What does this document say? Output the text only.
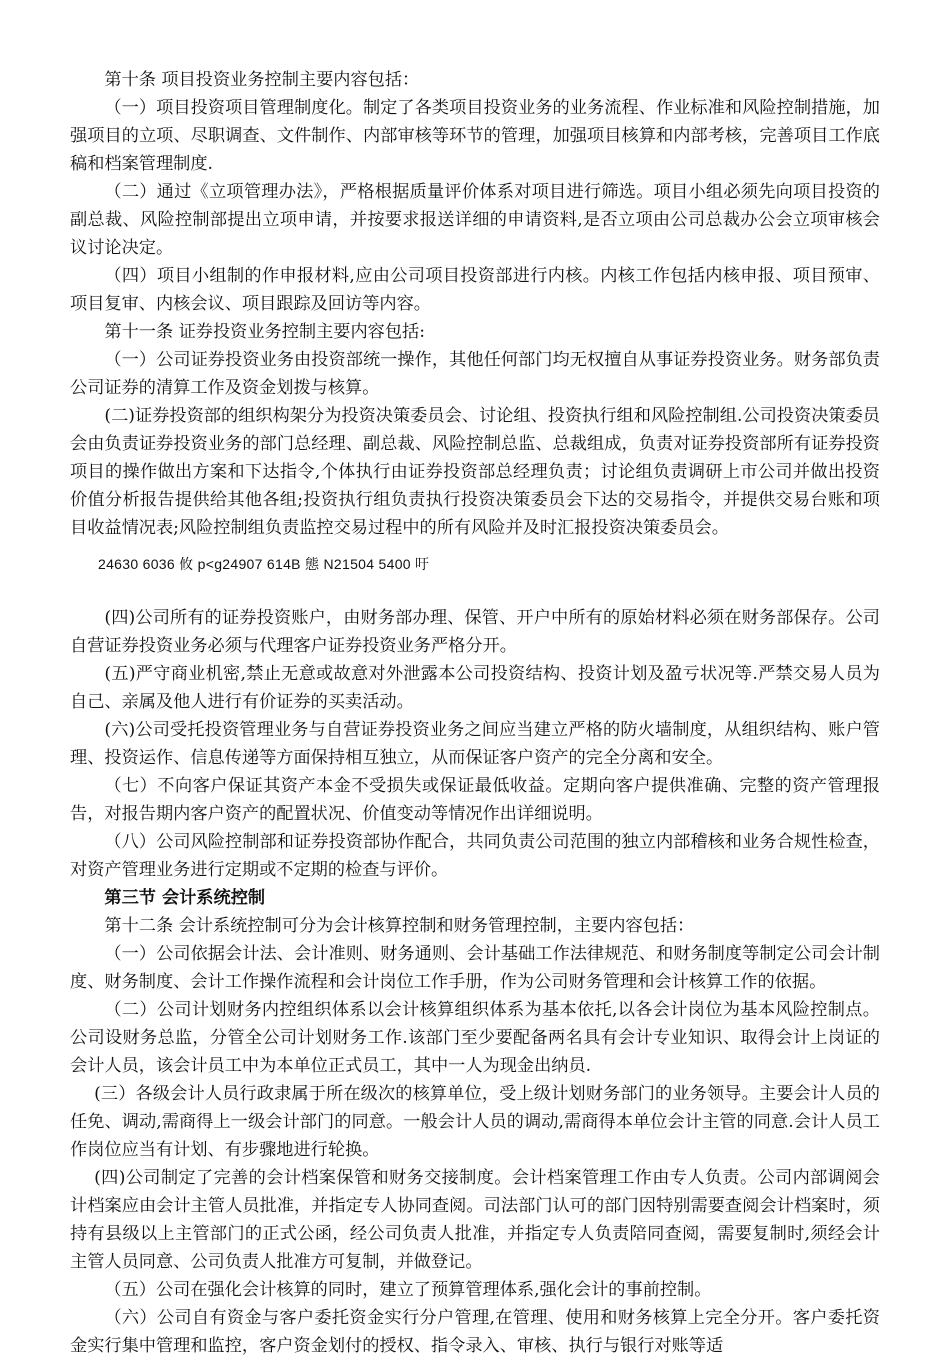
第十条 项目投资业务控制主要内容包括：

（一）项目投资项目管理制度化。制定了各类项目投资业务的业务流程、作业标准和风险控制措施，加强项目的立项、尽职调查、文件制作、内部审核等环节的管理，加强项目核算和内部考核，完善项目工作底稿和档案管理制度.

（二）通过《立项管理办法》，严格根据质量评价体系对项目进行筛选。项目小组必须先向项目投资的副总裁、风险控制部提出立项申请，并按要求报送详细的申请资料,是否立项由公司总裁办公会立项审核会议讨论决定。

（四）项目小组制的作申报材料,应由公司项目投资部进行内核。内核工作包括内核申报、项目预审、项目复审、内核会议、项目跟踪及回访等内容。

第十一条 证券投资业务控制主要内容包括:

（一）公司证券投资业务由投资部统一操作，其他任何部门均无权擅自从事证券投资业务。财务部负责公司证券的清算工作及资金划拨与核算。

(二)证券投资部的组织构架分为投资决策委员会、讨论组、投资执行组和风险控制组.公司投资决策委员会由负责证券投资业务的部门总经理、副总裁、风险控制总监、总裁组成，负责对证券投资部所有证券投资项目的操作做出方案和下达指令,个体执行由证券投资部总经理负责；讨论组负责调研上市公司并做出投资价值分析报告提供给其他各组;投资执行组负责执行投资决策委员会下达的交易指令，并提供交易台账和项目收益情况表;风险控制组负责监控交易过程中的所有风险并及时汇报投资决策委员会。

24630 6036 攸 p<g24907 614B 態 N21504 5400 吁

(四)公司所有的证券投资账户，由财务部办理、保管、开户中所有的原始材料必须在财务部保存。公司自营证券投资业务必须与代理客户证券投资业务严格分开。

(五)严守商业机密,禁止无意或故意对外泄露本公司投资结构、投资计划及盈亏状况等.严禁交易人员为自己、亲属及他人进行有价证券的买卖活动。

(六)公司受托投资管理业务与自营证券投资业务之间应当建立严格的防火墙制度，从组织结构、账户管理、投资运作、信息传递等方面保持相互独立，从而保证客户资产的完全分离和安全。

（七）不向客户保证其资产本金不受损失或保证最低收益。定期向客户提供准确、完整的资产管理报告，对报告期内客户资产的配置状况、价值变动等情况作出详细说明。

（八）公司风险控制部和证券投资部协作配合，共同负责公司范围的独立内部稽核和业务合规性检查，对资产管理业务进行定期或不定期的检查与评价。

第三节 会计系统控制

第十二条 会计系统控制可分为会计核算控制和财务管理控制，主要内容包括：

（一）公司依据会计法、会计准则、财务通则、会计基础工作法律规范、和财务制度等制定公司会计制度、财务制度、会计工作操作流程和会计岗位工作手册，作为公司财务管理和会计核算工作的依据。

（二）公司计划财务内控组织体系以会计核算组织体系为基本依托,以各会计岗位为基本风险控制点。公司设财务总监，分管全公司计划财务工作.该部门至少要配备两名具有会计专业知识、取得会计上岗证的会计人员，该会计员工中为本单位正式员工，其中一人为现金出纳员.

(三）各级会计人员行政隶属于所在级次的核算单位，受上级计划财务部门的业务领导。主要会计人员的任免、调动,需商得上一级会计部门的同意。一般会计人员的调动,需商得本单位会计主管的同意.会计人员工作岗位应当有计划、有步骤地进行轮换。

(四)公司制定了完善的会计档案保管和财务交接制度。会计档案管理工作由专人负责。公司内部调阅会计档案应由会计主管人员批准，并指定专人协同查阅。司法部门认可的部门因特别需要查阅会计档案时，须持有县级以上主管部门的正式公函，经公司负责人批准，并指定专人负责陪同查阅，需要复制时,须经会计主管人员同意、公司负责人批准方可复制，并做登记。

（五）公司在强化会计核算的同时，建立了预算管理体系,强化会计的事前控制。

（六）公司自有资金与客户委托资金实行分户管理,在管理、使用和财务核算上完全分开。客户委托资金实行集中管理和监控，客户资金划付的授权、指令录入、审核、执行与银行对账等适
